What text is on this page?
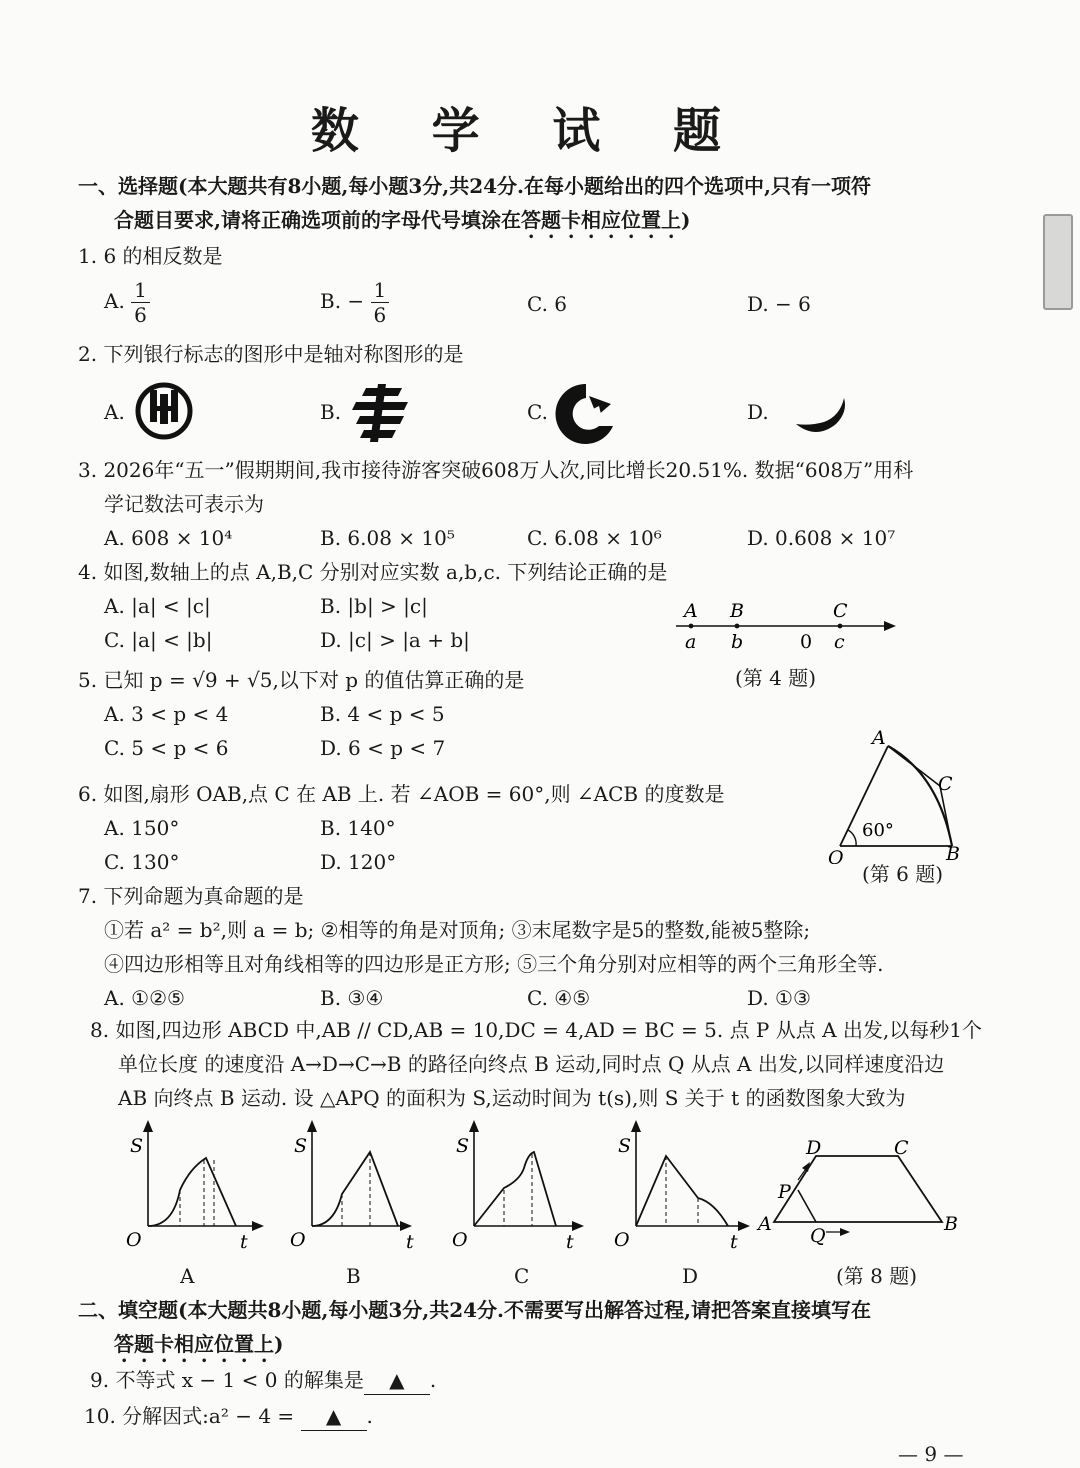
数 学 试 题
一、选择题(本大题共有8小题,每小题3分,共24分.在每小题给出的四个选项中,只有一项符
合题目要求,请将正确选项前的字母代号填涂在答题卡相应位置上)
1. 6 的相反数是
A. $\frac{1}{6}$	B. − $\frac{1}{6}$	C. 6	D. − 6
2. 下列银行标志的图形中是轴对称图形的是
A.	B.	C.	D.
3. 2026年“五一”假期期间,我市接待游客突破608万人次,同比增长20.51%. 数据“608万”用科
学记数法可表示为
A. 608 × 10⁴	B. 6.08 × 10⁵	C. 6.08 × 10⁶	D. 0.608 × 10⁷
4. 如图,数轴上的点 A,B,C 分别对应实数 a,b,c. 下列结论正确的是
A. |a| < |c|	B. |b| > |c|
C. |a| < |b|	D. |c| > |a + b|
A B	C
a b	0 c
(第 4 题)
5. 已知 p = √9 + √5,以下对 p 的值估算正确的是
A. 3 < p < 4	B. 4 < p < 5
C. 5 < p < 6	D. 6 < p < 7
6. 如图,扇形 OAB,点 C 在 AB 上. 若 ∠AOB = 60°,则 ∠ACB 的度数是
A. 150°	B. 140°
C. 130°	D. 120°
A
C
O	B
60°
(第 6 题)
7. 下列命题为真命题的是
①若 a² = b²,则 a = b; ②相等的角是对顶角; ③末尾数字是5的整数,能被5整除;
④四边形相等且对角线相等的四边形是正方形; ⑤三个角分别对应相等的两个三角形全等.
A. ①②⑤	B. ③④	C. ④⑤	D. ①③
8. 如图,四边形 ABCD 中,AB // CD,AB = 10,DC = 4,AD = BC = 5. 点 P 从点 A 出发,以每秒1个
单位长度 的速度沿 A→D→C→B 的路径向终点 B 运动,同时点 Q 从点 A 出发,以同样速度沿边
AB 向终点 B 运动. 设 △APQ 的面积为 S,运动时间为 t(s),则 S 关于 t 的函数图象大致为
S
O	t
A
S
O	t
B
S
O	t
C
S
O	t
D
D	C
P
A
Q
B
(第 8 题)
二、填空题(本大题共8小题,每小题3分,共24分.不需要写出解答过程,请把答案直接填写在
答题卡相应位置上)
9. 不等式 x − 1 < 0 的解集是 ▲ .
10. 分解因式:a² − 4 = ▲ .
— 9 —
